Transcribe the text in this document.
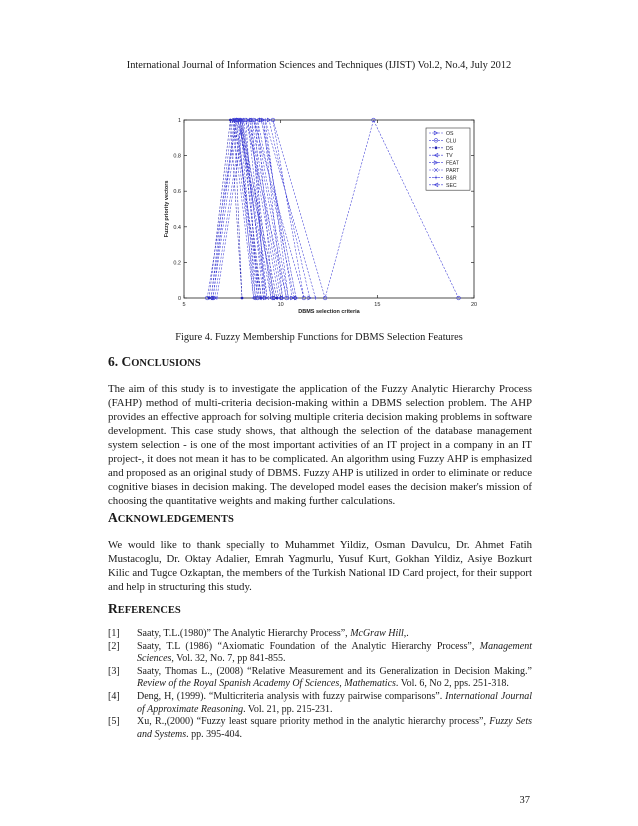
International Journal of Information Sciences and Techniques (IJIST) Vol.2, No.4, July 2012
5	10	15	20
0
0.2
0.4
0.6
0.8
1
DBMS selection criteria
Fuzzy priority vectors
OS
CLU
DS
TV
FEAT
PART
B&R
SEC
Figure 4. Fuzzy Membership Functions for DBMS Selection Features
6. CONCLUSIONS

The aim of this study is to investigate the application of the Fuzzy Analytic Hierarchy Process (FAHP) method of multi-criteria decision-making within a DBMS selection problem. The AHP provides an effective approach for solving multiple criteria decision making problems in software development. This case study shows, that although the selection of the database management system selection - is one of the most important activities of an IT project in a company in an IT project-, it does not mean it has to be complicated. An algorithm using Fuzzy AHP is emphasized and proposed as an original study of DBMS. Fuzzy AHP is utilized in order to eliminate or reduce cognitive biases in decision making. The developed model eases the decision maker's mission of choosing the quantitative weights and making further calculations.

ACKNOWLEDGEMENTS

We would like to thank specially to Muhammet Yildiz, Osman Davulcu, Dr. Ahmet Fatih Mustacoglu, Dr. Oktay Adalier, Emrah Yagmurlu, Yusuf Kurt, Gokhan Yildiz, Asiye Bozkurt Kilic and Tugce Ozkaptan, the members of the Turkish National ID Card project, for their support and help in structuring this study.

REFERENCES
[1] Saaty, T.L.(1980)” The Analytic Hierarchy Process”, McGraw Hill,.
[2] Saaty, T.L (1986) “Axiomatic Foundation of the Analytic Hierarchy Process”, Management Sciences, Vol. 32, No. 7, pp 841-855.
[3] Saaty, Thomas L., (2008) “Relative Measurement and its Generalization in Decision Making.” Review of the Royal Spanish Academy Of Sciences, Mathematics. Vol. 6, No 2, pps. 251-318.
[4] Deng, H, (1999). “Multicriteria analysis with fuzzy pairwise comparisons”. International Journal of Approximate Reasoning. Vol. 21, pp. 215-231.
[5] Xu, R.,(2000) “Fuzzy least square priority method in the analytic hierarchy process”, Fuzzy Sets and Systems. pp. 395-404.
37
